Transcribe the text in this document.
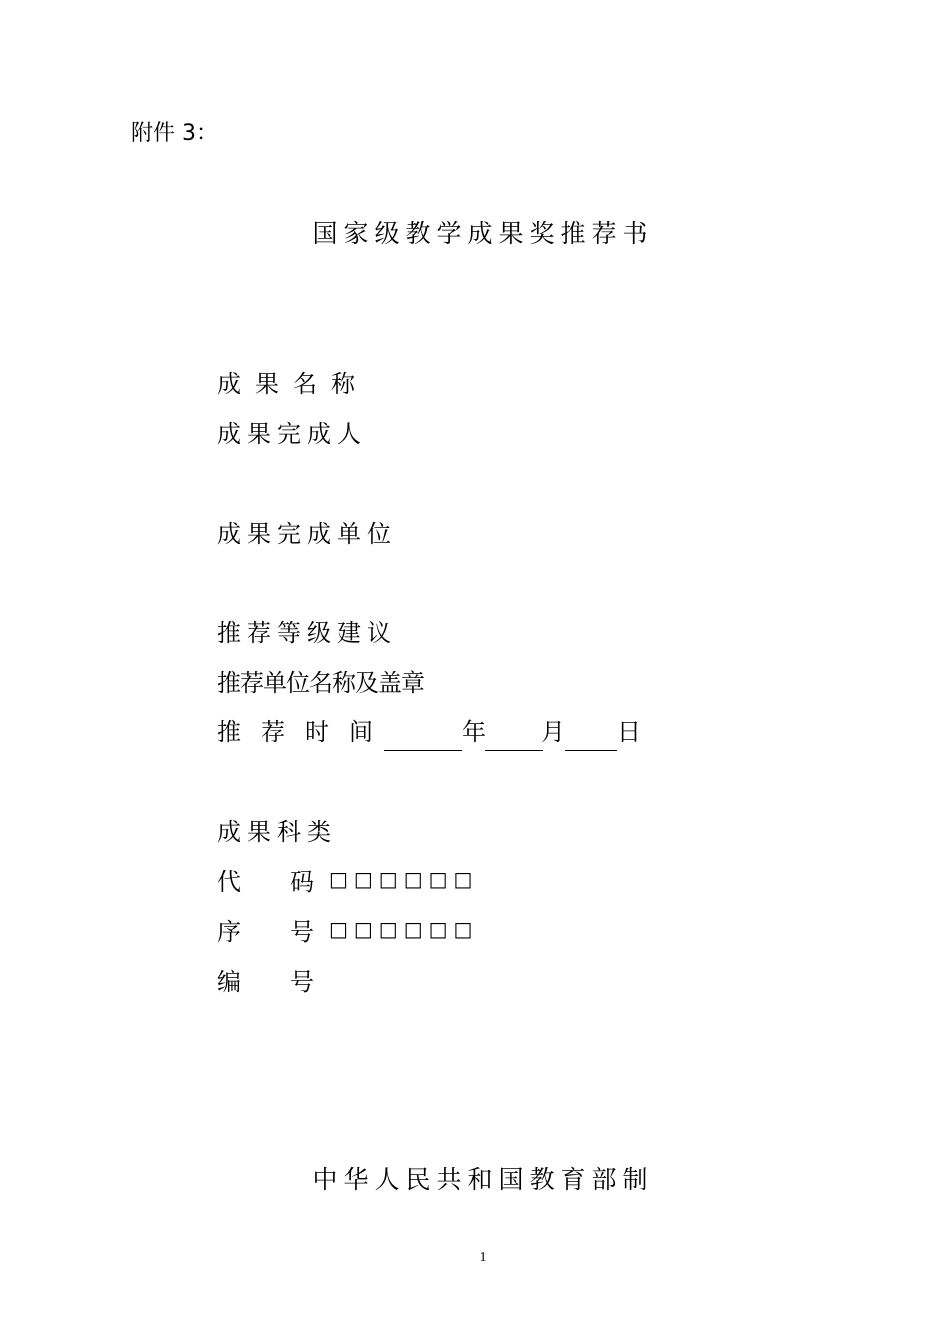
附件 3：
国家级教学成果奖推荐书
成果名称
成果完成人
成果完成单位
推荐等级建议
推荐单位名称及盖章
推荐时间	年 月 日
成果科类
代 码 □□□□□□
序 号 □□□□□□
编 号
中华人民共和国教育部制
1
